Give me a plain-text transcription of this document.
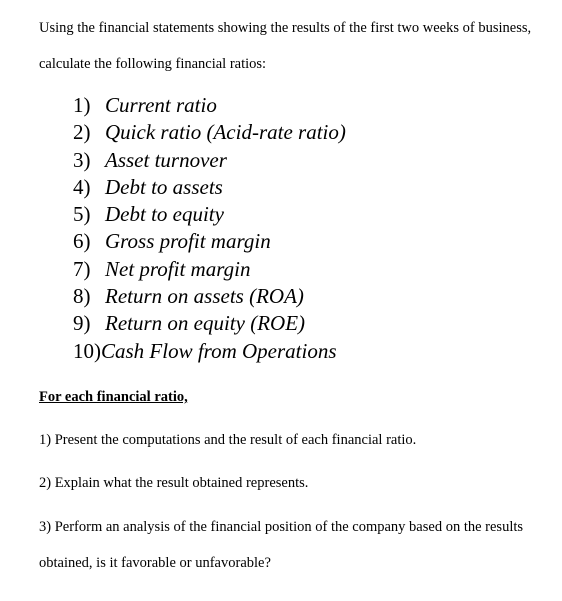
Using the financial statements showing the results of the first two weeks of business, calculate the following financial ratios:

1) Current ratio
2) Quick ratio (Acid-rate ratio)
3) Asset turnover
4) Debt to assets
5) Debt to equity
6) Gross profit margin
7) Net profit margin
8) Return on assets (ROA)
9) Return on equity (ROE)
10)Cash Flow from Operations

For each financial ratio,

1) Present the computations and the result of each financial ratio.

2) Explain what the result obtained represents.

3) Perform an analysis of the financial position of the company based on the results obtained, is it favorable or unfavorable?
